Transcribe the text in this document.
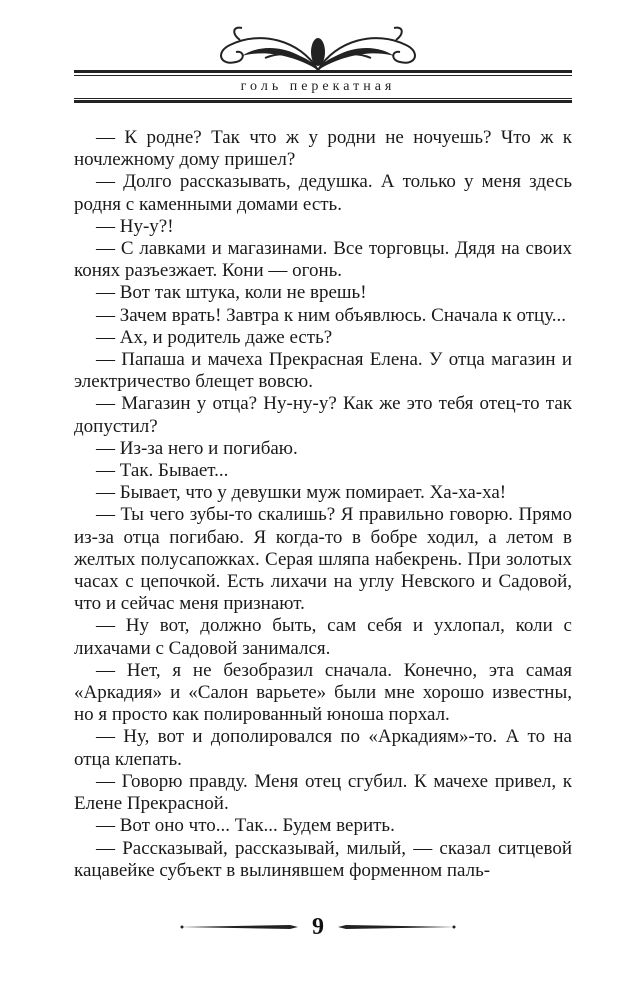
голь перекатная

— К родне? Так что ж у родни не ночуешь? Что ж к ночлежному дому пришел?

— Долго рассказывать, дедушка. А только у меня здесь родня с каменными домами есть.

— Ну-у?!

— С лавками и магазинами. Все торговцы. Дядя на своих конях разъезжает. Кони — огонь.

— Вот так штука, коли не врешь!

— Зачем врать! Завтра к ним объявлюсь. Сначала к отцу...

— Ах, и родитель даже есть?

— Папаша и мачеха Прекрасная Елена. У отца магазин и электричество блещет вовсю.

— Магазин у отца? Ну-ну-у? Как же это тебя отец-то так допустил?

— Из-за него и погибаю.

— Так. Бывает...

— Бывает, что у девушки муж помирает. Ха-ха-ха!

— Ты чего зубы-то скалишь? Я правильно говорю. Прямо из-за отца погибаю. Я когда-то в бобре ходил, а летом в желтых полусапожках. Серая шляпа набекрень. При золотых часах с цепочкой. Есть лихачи на углу Невского и Садовой, что и сейчас меня признают.

— Ну вот, должно быть, сам себя и ухлопал, коли с лихачами с Садовой занимался.

— Нет, я не безобразил сначала. Конечно, эта самая «Аркадия» и «Салон варьете» были мне хорошо известны, но я просто как полированный юноша порхал.

— Ну, вот и дополировался по «Аркадиям»-то. А то на отца клепать.

— Говорю правду. Меня отец сгубил. К мачехе привел, к Елене Прекрасной.

— Вот оно что... Так... Будем верить.

— Рассказывай, рассказывай, милый, — сказал ситцевой кацавейке субъект в вылинявшем форменном паль-

9
